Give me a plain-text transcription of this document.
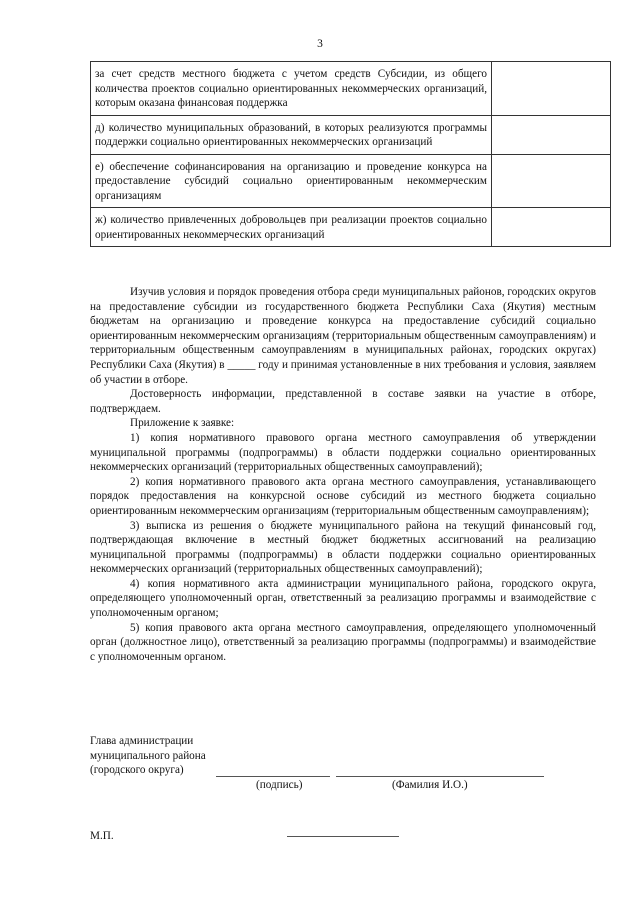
3
за счет средств местного бюджета с учетом средств Субсидии, из общего количества проектов социально ориентированных некоммерческих организаций, которым оказана финансовая поддержка	
д) количество муниципальных образований, в которых реализуются программы поддержки социально ориентированных некоммерческих организаций	
е) обеспечение софинансирования на организацию и проведение конкурса на предоставление субсидий социально ориентированным некоммерческим организациям	
ж) количество привлеченных добровольцев при реализации проектов социально ориентированных некоммерческих организаций	

Изучив условия и порядок проведения отбора среди муниципальных районов, городских округов на предоставление субсидии из государственного бюджета Республики Саха (Якутия) местным бюджетам на организацию и проведение конкурса на предоставление субсидий социально ориентированным некоммерческим организациям (территориальным общественным самоуправлениям) и территориальным общественным самоуправлениям в муниципальных районах, городских округах) Республики Саха (Якутия) в _____ году и принимая установленные в них требования и условия, заявляем об участии в отборе.

Достоверность информации, представленной в составе заявки на участие в отборе, подтверждаем.

Приложение к заявке:

1) копия нормативного правового органа местного самоуправления об утверждении муниципальной программы (подпрограммы) в области поддержки социально ориентированных некоммерческих организаций (территориальных общественных самоуправлений);

2) копия нормативного правового акта органа местного самоуправления, устанавливающего порядок предоставления на конкурсной основе субсидий из местного бюджета социально ориентированным некоммерческим организациям (территориальным общественным самоуправлениям);

3) выписка из решения о бюджете муниципального района на текущий финансовый год, подтверждающая включение в местный бюджет бюджетных ассигнований на реализацию муниципальной программы (подпрограммы) в области поддержки социально ориентированных некоммерческих организаций (территориальных общественных самоуправлений);

4) копия нормативного акта администрации муниципального района, городского округа, определяющего уполномоченный орган, ответственный за реализацию программы и взаимодействие с уполномоченным органом;

5) копия правового акта органа местного самоуправления, определяющего уполномоченный орган (должностное лицо), ответственный за реализацию программы (подпрограммы) и взаимодействие с уполномоченным органом.

Глава администрации
муниципального района
(городского округа)
(подпись)	(Фамилия И.О.)
М.П.
